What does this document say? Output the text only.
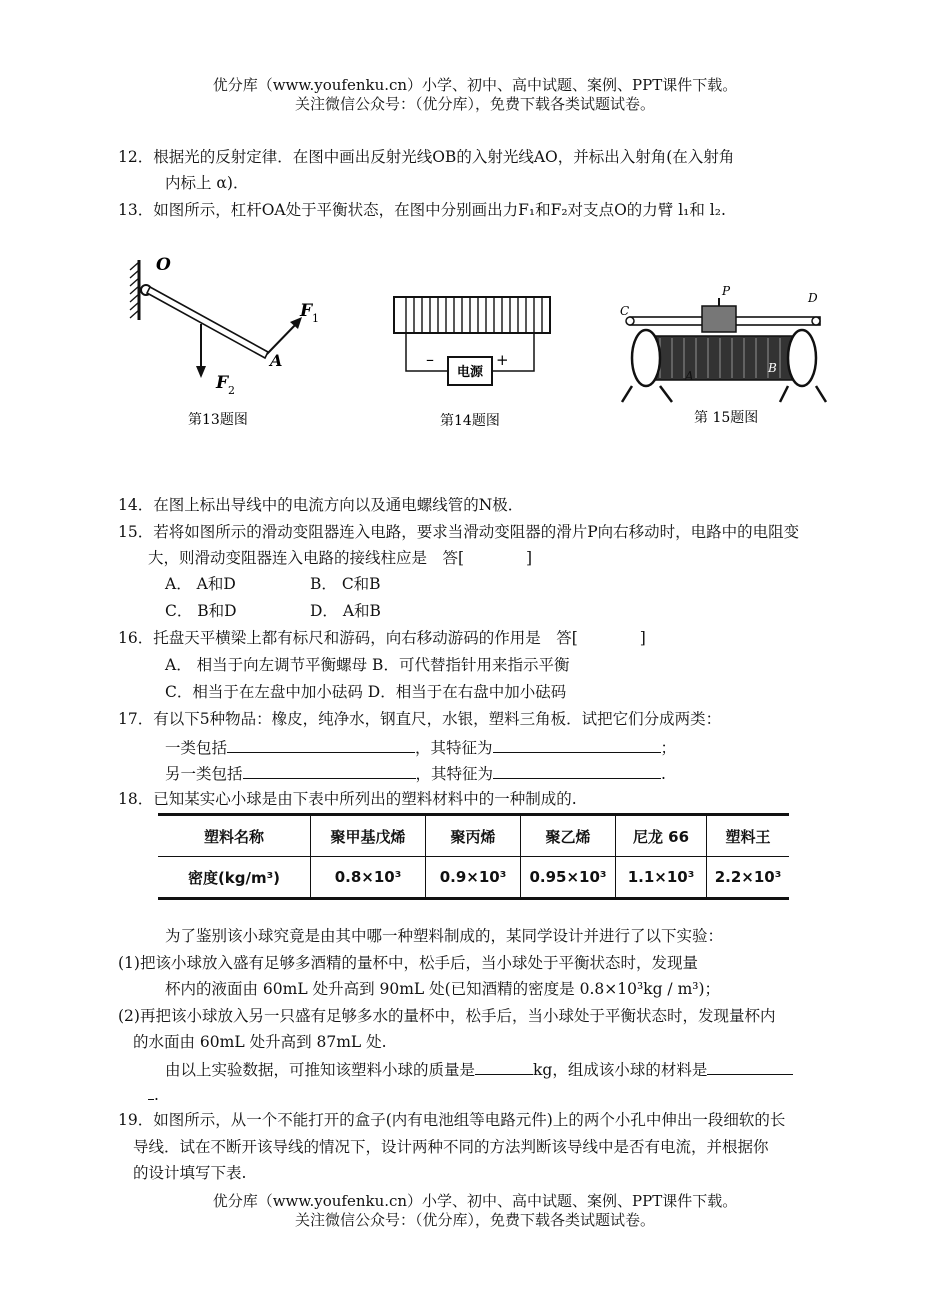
优分库（www.youfenku.cn）小学、初中、高中试题、案例、PPT课件下载。
关注微信公众号：（优分库），免费下载各类试题试卷。
12．根据光的反射定律．在图中画出反射光线OB的入射光线AO，并标出入射角(在入射角
内标上 α)．
13．如图所示，杠杆OA处于平衡状态，在图中分别画出力F₁和F₂对支点O的力臂 l₁和 l₂.
O
F 1
F 2
A
第13题图
电源
–	+
第14题图
P
C
D
A
B
第 15题图
14．在图上标出导线中的电流方向以及通电螺线管的N极．
15．若将如图所示的滑动变阻器连入电路，要求当滑动变阻器的滑片P向右移动时，电路中的电阻变
大，则滑动变阻器连入电路的接线柱应是　答[　　　　]
A． A和D	B． C和B
C． B和D	D． A和B
16．托盘天平横梁上都有标尺和游码，向右移动游码的作用是　答[　　　　]
A． 相当于向左调节平衡螺母 B．可代替指针用来指示平衡
C．相当于在左盘中加小砝码 D．相当于在右盘中加小砝码
17．有以下5种物品：橡皮，纯净水，钢直尺，水银，塑料三角板．试把它们分成两类：
一类包括	，其特征为	；
另一类包括	，其特征为	.
18．已知某实心小球是由下表中所列出的塑料材料中的一种制成的.
塑料名称	聚甲基戊烯	聚丙烯	聚乙烯	尼龙 66	塑料王
密度(kg/m³)	0.8×10³	0.9×10³	0.95×10³	1.1×10³	2.2×10³
为了鉴别该小球究竟是由其中哪一种塑料制成的，某同学设计并进行了以下实验：
(1)把该小球放入盛有足够多酒精的量杯中，松手后，当小球处于平衡状态时，发现量
杯内的液面由 60mL 处升高到 90mL 处(已知酒精的密度是 0.8×10³kg / m³)；
(2)再把该小球放入另一只盛有足够多水的量杯中，松手后，当小球处于平衡状态时，发现量杯内
的水面由 60mL 处升高到 87mL 处.
由以上实验数据，可推知该塑料小球的质量是	kg，组成该小球的材料是
.
19．如图所示，从一个不能打开的盒子(内有电池组等电路元件)上的两个小孔中伸出一段细软的长
导线．试在不断开该导线的情况下，设计两种不同的方法判断该导线中是否有电流，并根据你
的设计填写下表.
优分库（www.youfenku.cn）小学、初中、高中试题、案例、PPT课件下载。
关注微信公众号：（优分库），免费下载各类试题试卷。
